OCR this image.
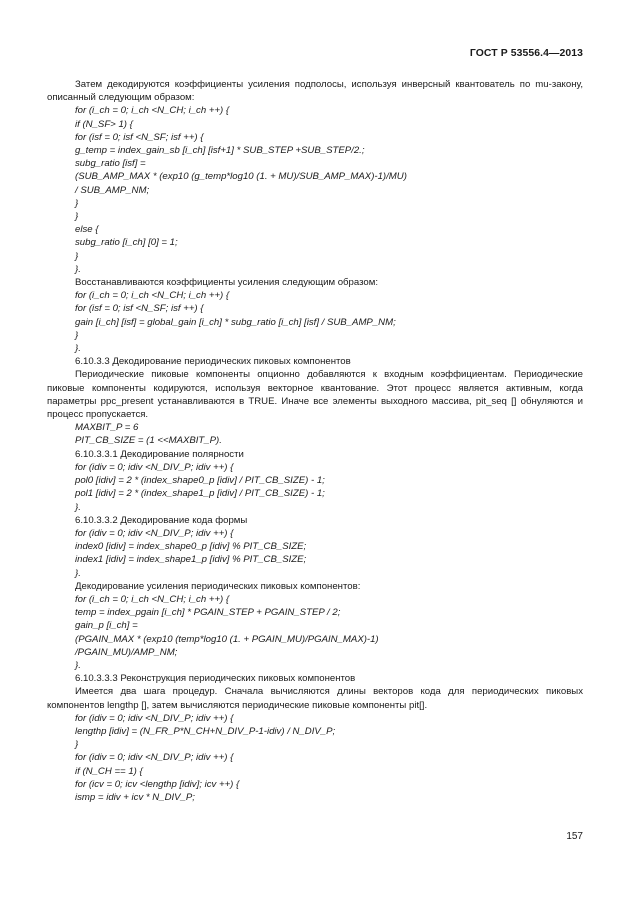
ГОСТ Р 53556.4—2013
Затем декодируются коэффициенты усиления подполосы, используя инверсный квантователь по mu-закону, описанный следующим образом:
for (i_ch = 0; i_ch <N_CH; i_ch ++) {
if (N_SF> 1) {
for (isf = 0; isf <N_SF; isf ++) {
g_temp = index_gain_sb [i_ch] [isf+1] * SUB_STEP +SUB_STEP/2.;
subg_ratio [isf] =
(SUB_AMP_MAX * (exp10 (g_temp*log10 (1. + MU)/SUB_AMP_MAX)-1)/MU)
/ SUB_AMP_NM;
}
}
else {
subg_ratio [i_ch] [0] = 1;
}
}.
Восстанавливаются коэффициенты усиления следующим образом:
for (i_ch = 0; i_ch <N_CH; i_ch ++) {
for (isf = 0; isf <N_SF; isf ++) {
gain [i_ch] [isf] = global_gain [i_ch] * subg_ratio [i_ch] [isf] / SUB_AMP_NM;
}
}.
6.10.3.3 Декодирование периодических пиковых компонентов
Периодические пиковые компоненты опционно добавляются к входным коэффициентам. Периодические пиковые компоненты кодируются, используя векторное квантование. Этот процесс является активным, когда параметры ppc_present устанавливаются в TRUE. Иначе все элементы выходного массива, pit_seq [] обнуляются и процесс пропускается.
MAXBIT_P = 6
PIT_CB_SIZE = (1 <<MAXBIT_P).
6.10.3.3.1 Декодирование полярности
for (idiv = 0; idiv <N_DIV_P; idiv ++) {
pol0 [idiv] = 2 * (index_shape0_p [idiv] / PIT_CB_SIZE) - 1;
pol1 [idiv] = 2 * (index_shape1_p [idiv] / PIT_CB_SIZE) - 1;
}.
6.10.3.3.2 Декодирование кода формы
for (idiv = 0; idiv <N_DIV_P; idiv ++) {
index0 [idiv] = index_shape0_p [idiv] % PIT_CB_SIZE;
index1 [idiv] = index_shape1_p [idiv] % PIT_CB_SIZE;
}.
Декодирование усиления периодических пиковых компонентов:
for (i_ch = 0; i_ch <N_CH; i_ch ++) {
temp = index_pgain [i_ch] * PGAIN_STEP + PGAIN_STEP / 2;
gain_p [i_ch] =
(PGAIN_MAX * (exp10 (temp*log10 (1. + PGAIN_MU)/PGAIN_MAX)-1)
/PGAIN_MU)/AMP_NM;
}.
6.10.3.3.3 Реконструкция периодических пиковых компонентов
Имеется два шага процедур. Сначала вычисляются длины векторов кода для периодических пиковых компонентов lengthp [], затем вычисляются периодические пиковые компоненты pit[].
for (idiv = 0; idiv <N_DIV_P; idiv ++) {
lengthp [idiv] = (N_FR_P*N_CH+N_DIV_P-1-idiv) / N_DIV_P;
}
for (idiv = 0; idiv <N_DIV_P; idiv ++) {
if (N_CH == 1) {
for (icv = 0; icv <lengthp [idiv]; icv ++) {
ismp = idiv + icv * N_DIV_P;
157
